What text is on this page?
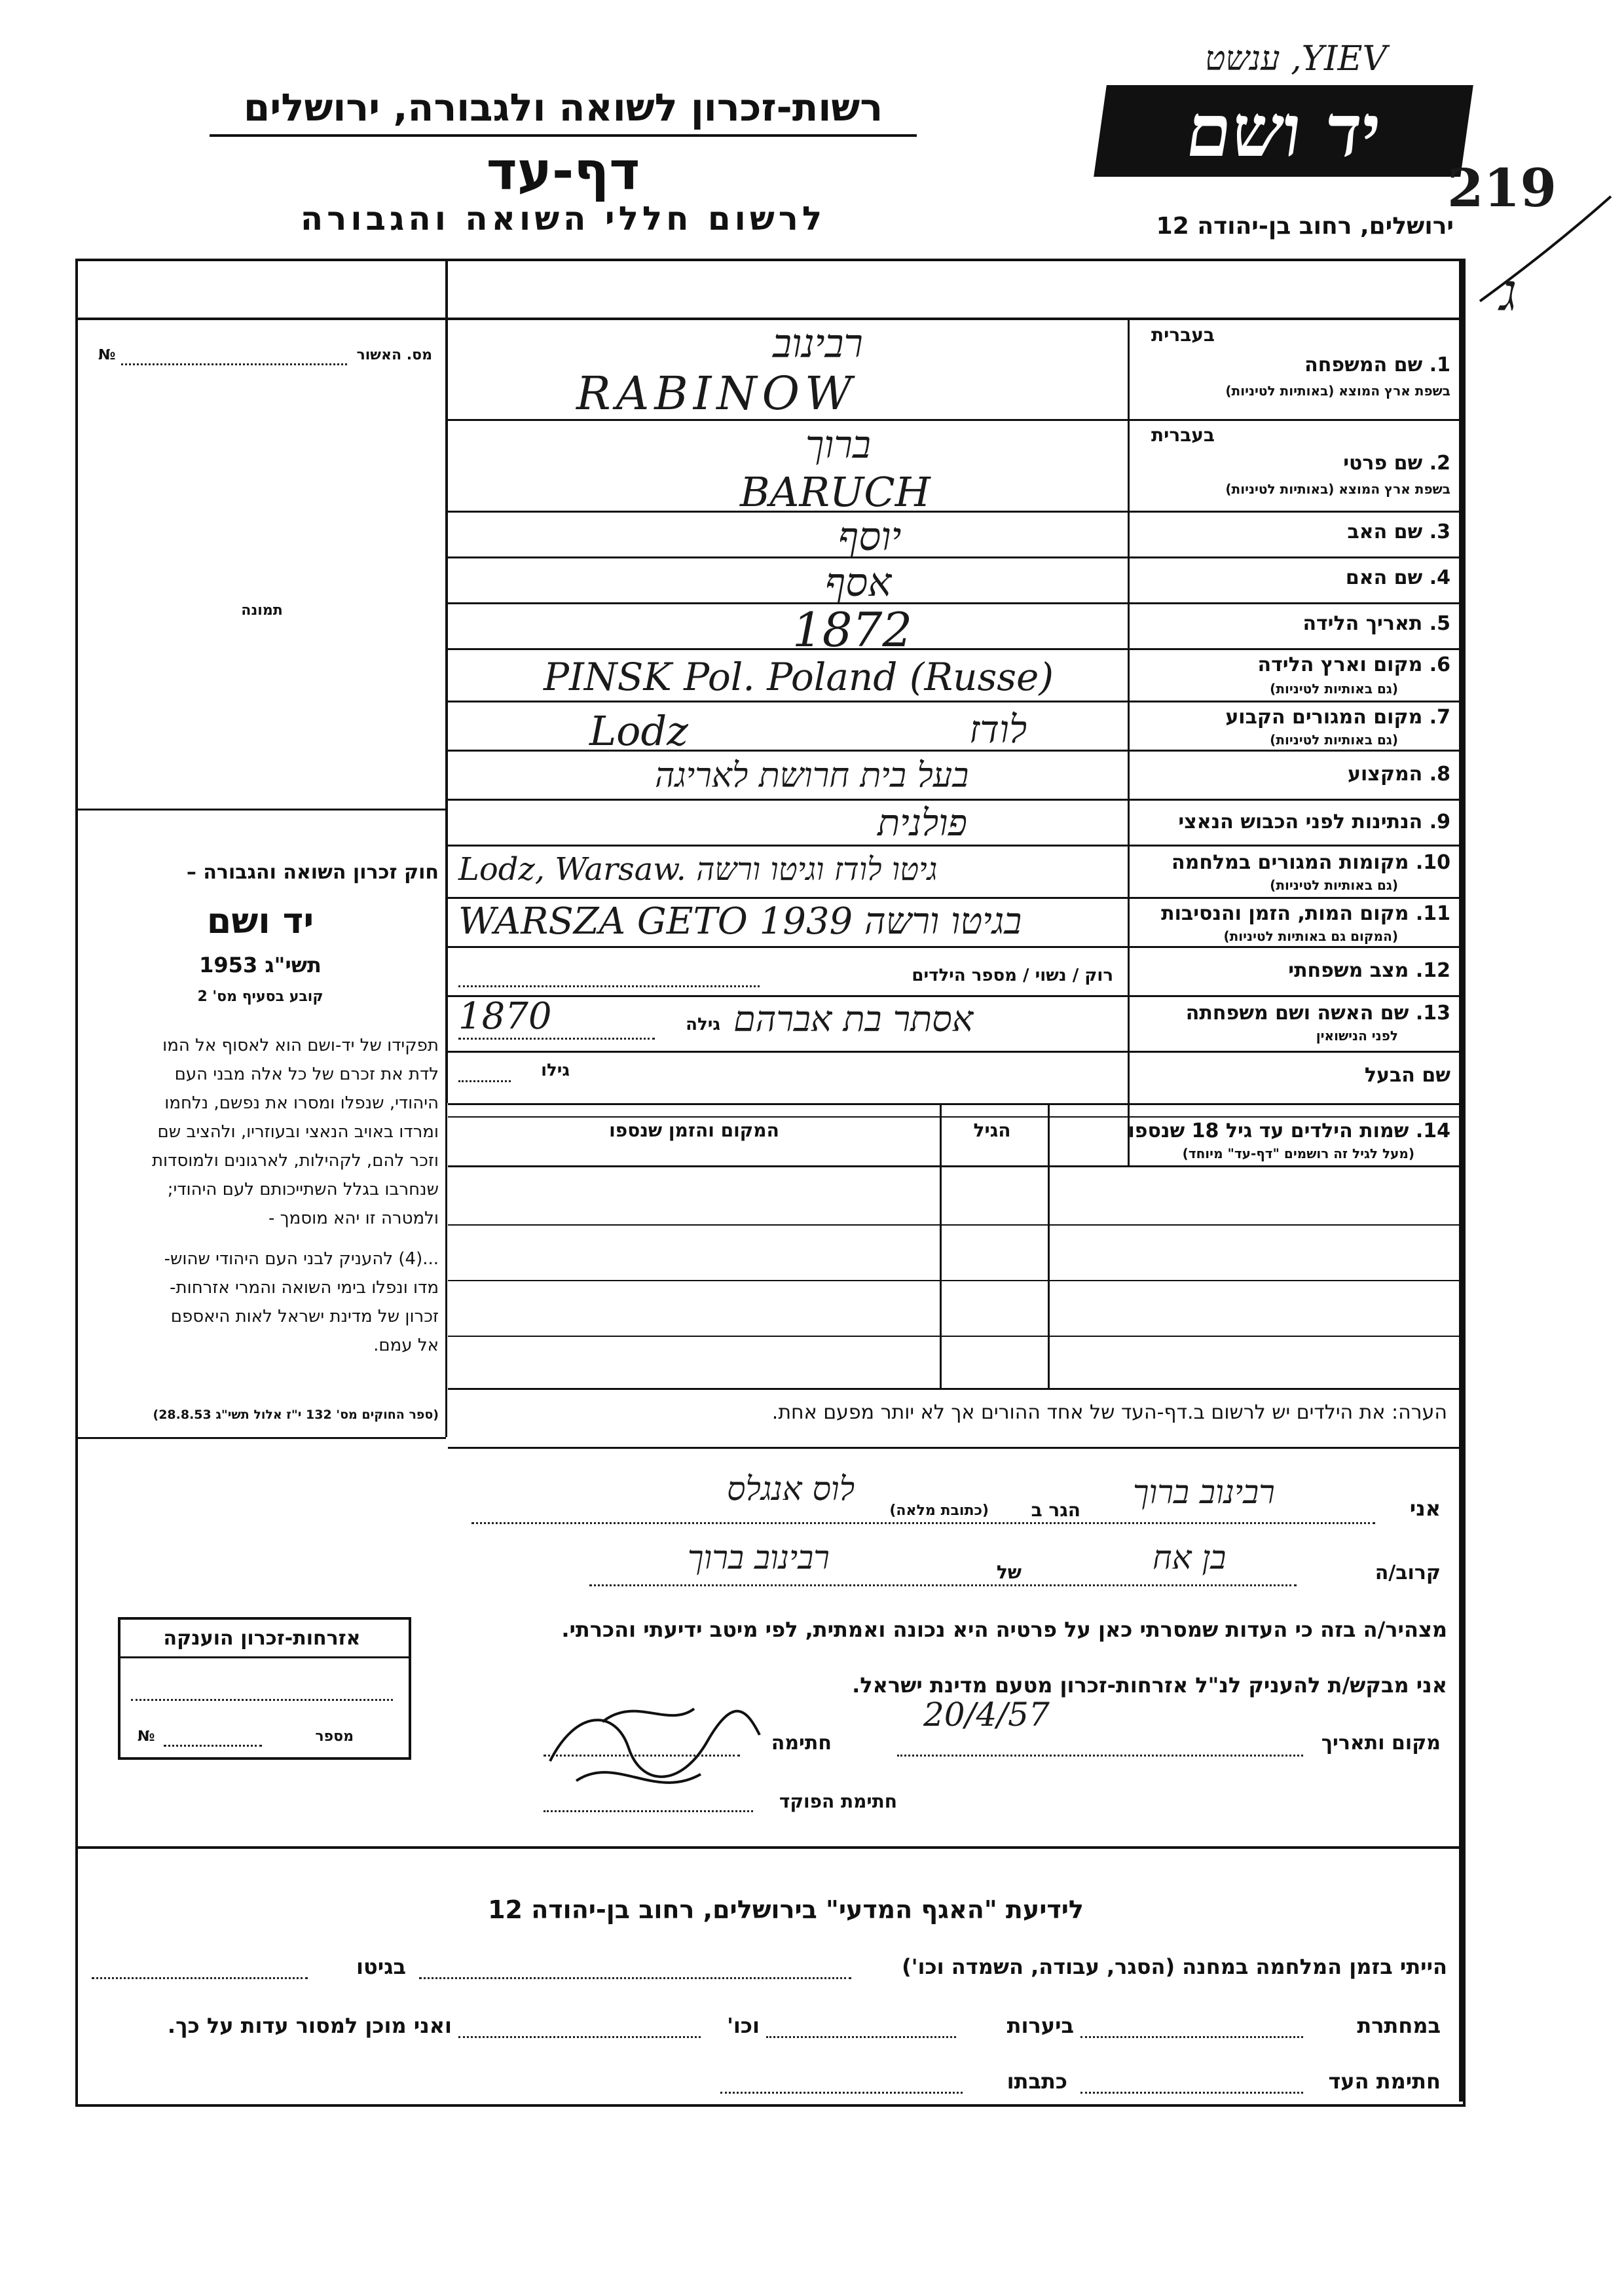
ענשט ,YIEV
רשות-זכרון לשואה ולגבורה, ירושלים
דף-עד
לרשום חללי השואה והגבורה
יד ושם
ירושלים, רחוב בן-יהודה 12
219
ג
מס. האשור
№
תמונה
חוק זכרון השואה והגבורה –
יד ושם
תשי"ג 1953
קובע בסעיף מס' 2
תפקידו של יד-ושם הוא לאסוף אל המו
לדת את זכרם של כל אלה מבני העם
היהודי, שנפלו ומסרו את נפשם, נלחמו
ומרדו באויב הנאצי ובעוזריו, ולהציב שם
וזכר להם, לקהילות, לארגונים ולמוסדות
שנחרבו בגלל השתייכותם לעם היהודי;
ולמטרה זו יהא מוסמך -
...(4) להעניק לבני העם היהודי שהוש-
מדו ונפלו בימי השואה והמרי אזרחות-
זכרון של מדינת ישראל לאות היאספם
אל עמם.
(ספר החוקים מס' 132 י"ז אלול תשי"ג 28.8.53)
בעברית
1. שם המשפחה
בשפת ארץ המוצא (באותיות לטיניות)
בעברית
2. שם פרטי
בשפת ארץ המוצא (באותיות לטיניות)
3. שם האב
4. שם האם
5. תאריך הלידה
6. מקום וארץ הלידה
(גם באותיות לטיניות)
7. מקום המגורים הקבוע
(גם באותיות לטיניות)
8. המקצוע
9. הנתינות לפני הכבוש הנאצי
10. מקומות המגורים במלחמה
(גם באותיות לטיניות)
11. מקום המות, הזמן והנסיבות
(המקום גם באותיות לטיניות)
12. מצב משפחתי
13. שם האשה ושם משפחתה
לפני הנישואין
שם הבעל
רבינוב
RABINOW
ברוך
BARUCH
יוסף
אסף
1872
PINSK Pol. Poland (Russe)
Lodz	לודז
בעל בית חרושת לאריגה
פולנית
Lodz, Warsaw. גיטו לודז וגיטו ורשה
WARSZA GETO 1939 בגיטו ורשה
רוק / נשוי / מספר הילדים
אסתר בת אברהם
גילה
1870
גילו
14. שמות הילדים עד גיל 18 שנספו
(מעל לגיל זה רושמים "דף-עד" מיוחד)
הגיל
המקום והזמן שנספו
הערה: את הילדים יש לרשום ב.דף-העד של אחד ההורים אך לא יותר מפעם אחת.
אני
רבינוב ברוך
הגר ב
(כתובת מלאה)
לוס אנגלס
קרוב/ה
בן אח
של
רבינוב ברוך
מצהיר/ה בזה כי העדות שמסרתי כאן על פרטיה היא נכונה ואמתית, לפי מיטב ידיעתי והכרתי.
אני מבקש/ת להעניק לנ"ל אזרחות-זכרון מטעם מדינת ישראל.
מקום ותאריך
20/4/57
חתימה
חתימת הפוקד
אזרחות-זכרון הוענקה
מספר
№
לידיעת "האגף המדעי" בירושלים, רחוב בן-יהודה 12
הייתי בזמן המלחמה במחנה (הסגר, עבודה, השמדה וכו')
בגיטו
במחתרת
ביערות
וכו'
ואני מוכן למסור עדות על כך.
חתימת העד
כתבתו
